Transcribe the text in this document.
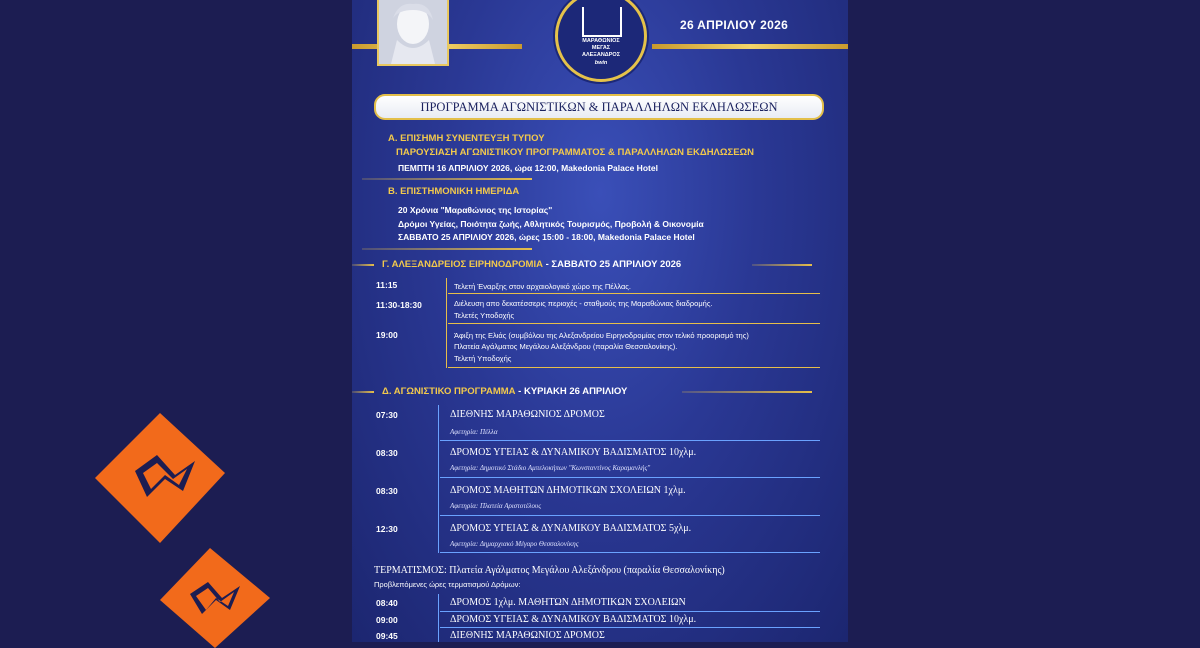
ΜΑΡΑΘΩΝΙΟΣ
ΜΕΓΑΣ
ΑΛΕΞΑΝΔΡΟΣ
bwin
26 ΑΠΡΙΛΙΟΥ 2026
ΠΡΟΓΡΑΜΜΑ ΑΓΩΝΙΣΤΙΚΩΝ & ΠΑΡΑΛΛΗΛΩΝ ΕΚΔΗΛΩΣΕΩΝ
Α. ΕΠΙΣΗΜΗ ΣΥΝΕΝΤΕΥΞΗ ΤΥΠΟΥ
ΠΑΡΟΥΣΙΑΣΗ ΑΓΩΝΙΣΤΙΚΟΥ ΠΡΟΓΡΑΜΜΑΤΟΣ & ΠΑΡΑΛΛΗΛΩΝ ΕΚΔΗΛΩΣΕΩΝ
ΠΕΜΠΤΗ 16 ΑΠΡΙΛΙΟΥ 2026, ώρα 12:00, Makedonia Palace Hotel
Β. ΕΠΙΣΤΗΜΟΝΙΚΗ ΗΜΕΡΙΔΑ
20 Χρόνια "Μαραθώνιος της Ιστορίας"
Δρόμοι Υγείας, Ποιότητα ζωής, Αθλητικός Τουρισμός, Προβολή & Οικονομία
ΣΑΒΒΑΤΟ 25 ΑΠΡΙΛΙΟΥ 2026, ώρες 15:00 - 18:00, Makedonia Palace Hotel
Γ. ΑΛΕΞΑΝΔΡΕΙΟΣ ΕΙΡΗΝΟΔΡΟΜΙΑ - ΣΑΒΒΑΤΟ 25 ΑΠΡΙΛΙΟΥ 2026
11:15	Τελετή Έναρξης στον αρχαιολογικό χώρο της Πέλλας.
11:30-18:30	Διέλευση απο δεκατέσσερις περιοχές - σταθμούς της Μαραθώνιας διαδρομής.
Τελετές Υποδοχής
19:00	Άφιξη της Ελιάς (συμβόλου της Αλεξανδρείου Ειρηνοδρομίας στον τελικό προορισμό της)
Πλατεία Αγάλματος Μεγάλου Αλεξάνδρου (παραλία Θεσσαλονίκης).
Τελετή Υποδοχής
Δ. ΑΓΩΝΙΣΤΙΚΟ ΠΡΟΓΡΑΜΜΑ - ΚΥΡΙΑΚΗ 26 ΑΠΡΙΛΙΟΥ
07:30	ΔΙΕΘΝΗΣ ΜΑΡΑΘΩΝΙΟΣ ΔΡΟΜΟΣ
Αφετηρία: Πέλλα
08:30	ΔΡΟΜΟΣ ΥΓΕΙΑΣ & ΔΥΝΑΜΙΚΟΥ ΒΑΔΙΣΜΑΤΟΣ 10χλμ.
Αφετηρία: Δημοτικό Στάδιο Αμπελοκήπων "Κωνσταντίνος Καραμανλής"
08:30	ΔΡΟΜΟΣ ΜΑΘΗΤΩΝ ΔΗΜΟΤΙΚΩΝ ΣΧΟΛΕΙΩΝ 1χλμ.
Αφετηρία: Πλατεία Αριστοτέλους
12:30	ΔΡΟΜΟΣ ΥΓΕΙΑΣ & ΔΥΝΑΜΙΚΟΥ ΒΑΔΙΣΜΑΤΟΣ 5χλμ.
Αφετηρία: Δημαρχιακό Μέγαρο Θεσσαλονίκης
ΤΕΡΜΑΤΙΣΜΟΣ: Πλατεία Αγάλματος Μεγάλου Αλεξάνδρου (παραλία Θεσσαλονίκης)
Προβλεπόμενες ώρες τερματισμού Δρόμων:
08:40	ΔΡΟΜΟΣ 1χλμ. ΜΑΘΗΤΩΝ ΔΗΜΟΤΙΚΩΝ ΣΧΟΛΕΙΩΝ
09:00	ΔΡΟΜΟΣ ΥΓΕΙΑΣ & ΔΥΝΑΜΙΚΟΥ ΒΑΔΙΣΜΑΤΟΣ 10χλμ.
09:45	ΔΙΕΘΝΗΣ ΜΑΡΑΘΩΝΙΟΣ ΔΡΟΜΟΣ
